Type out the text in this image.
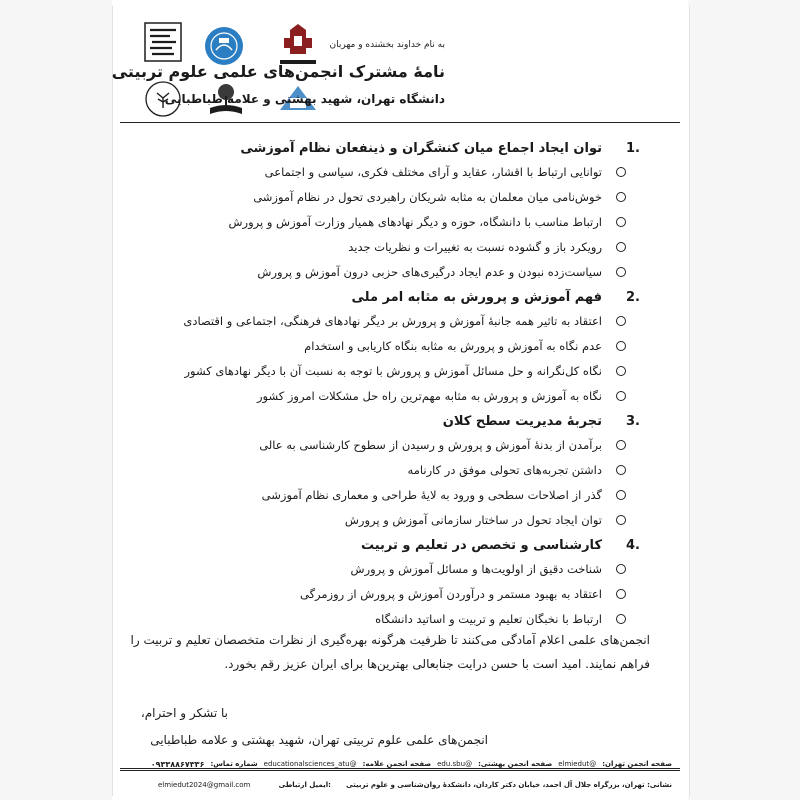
به نام خداوند بخشنده و مهربان
نامهٔ مشترک انجمن‌های علمی علوم تربیتی
دانشگاه تهران، شهید بهشتی و علامه طباطبایی
.1
توان ایجاد اجماع میان کنشگران و ذینفعان نظام آموزشی
توانایی ارتباط با اقشار، عقاید و آرای مختلف فکری، سیاسی و اجتماعی
خوش‌نامی میان معلمان به مثابه شریکان راهبردی تحول در نظام آموزشی
ارتباط مناسب با دانشگاه، حوزه و دیگر نهادهای همیار وزارت آموزش و پرورش
رویکرد باز و گشوده نسبت به تغییرات و نظریات جدید
سیاست‌زده نبودن و عدم ایجاد درگیری‌های حزبی درون آموزش و پرورش
.2
فهم آموزش و پرورش به مثابه امر ملی
اعتقاد به تاثیر همه جانبهٔ آموزش و پرورش بر دیگر نهادهای فرهنگی، اجتماعی و اقتصادی
عدم نگاه به آموزش و پرورش به مثابه بنگاه کاریابی و استخدام
نگاه کل‌نگرانه و حل مسائل آموزش و پرورش با توجه به نسبت آن با دیگر نهادهای کشور
نگاه به آموزش و پرورش به مثابه مهم‌ترین راه حل مشکلات امروز کشور
.3
تجربهٔ مدیریت سطح کلان
برآمدن از بدنهٔ آموزش و پرورش و رسیدن از سطوح کارشناسی به عالی
داشتن تجربه‌های تحولی موفق در کارنامه
گذر از اصلاحات سطحی و ورود به لایهٔ طراحی و معماری نظام آموزشی
توان ایجاد تحول در ساختار سازمانی آموزش و پرورش
.4
کارشناسی و تخصص در تعلیم و تربیت
شناخت دقیق از اولویت‌ها و مسائل آموزش و پرورش
اعتقاد به بهبود مستمر و درآوردن آموزش و پرورش از روزمرگی
ارتباط با نخبگان تعلیم و تربیت و اساتید دانشگاه
انجمن‌های علمی اعلام آمادگی می‌کنند تا ظرفیت هرگونه بهره‌گیری از نظرات متخصصان تعلیم و تربیت را فراهم نمایند. امید است با حسن درایت جنابعالی بهترین‌ها برای ایران عزیز رقم بخورد.
با تشکر و احترام،
انجمن‌های علمی علوم تربیتی تهران، شهید بهشتی و علامه طباطبایی
صفحه انجمن تهران:
@elmiedut
صفحه انجمن بهشتی:
@edu.sbu
صفحه انجمن علامه:
@educationalsciences_atu
شماره تماس:
۰۹۳۳۸۸۶۷۳۳۶
نشانی: تهران، بزرگراه جلال آل احمد، خیابان دکتر کاردان، دانشکدهٔ روان‌شناسی و علوم تربیتی
elmiedut2024@gmail.com	ایمیل ارتباطی:
